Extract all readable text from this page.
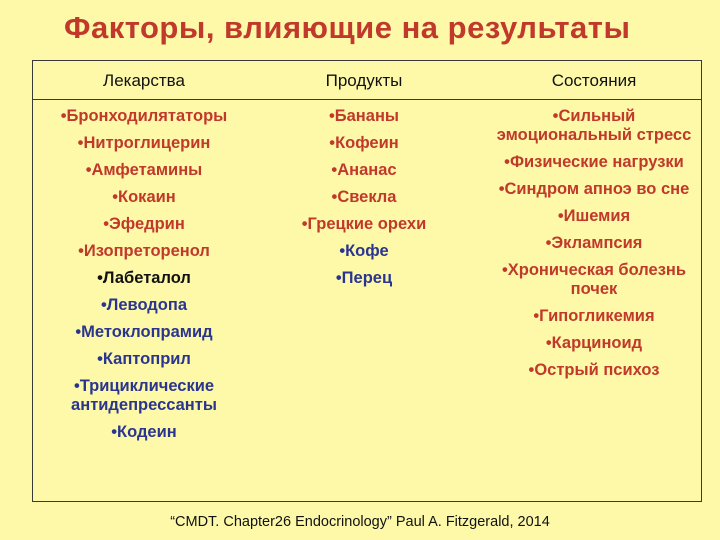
Факторы, влияющие на результаты
Лекарства	Продукты	Состояния
• Бронходилятаторы
• Нитроглицерин
• Амфетамины
• Кокаин
• Эфедрин
• Изопреторенол
• Лабеталол
• Леводопа
• Метоклопрамид
• Каптоприл
• Трициклические антидепрессанты
• Кодеин
• Бананы
• Кофеин
• Ананас
• Свекла
• Грецкие орехи
• Кофе
• Перец
• Сильный эмоциональный стресс
• Физические нагрузки
• Синдром апноэ во сне
• Ишемия
• Эклампсия
• Хроническая болезнь почек
• Гипогликемия
• Карциноид
• Острый психоз
“CMDT. Chapter26 Endocrinology” Paul A. Fitzgerald, 2014
